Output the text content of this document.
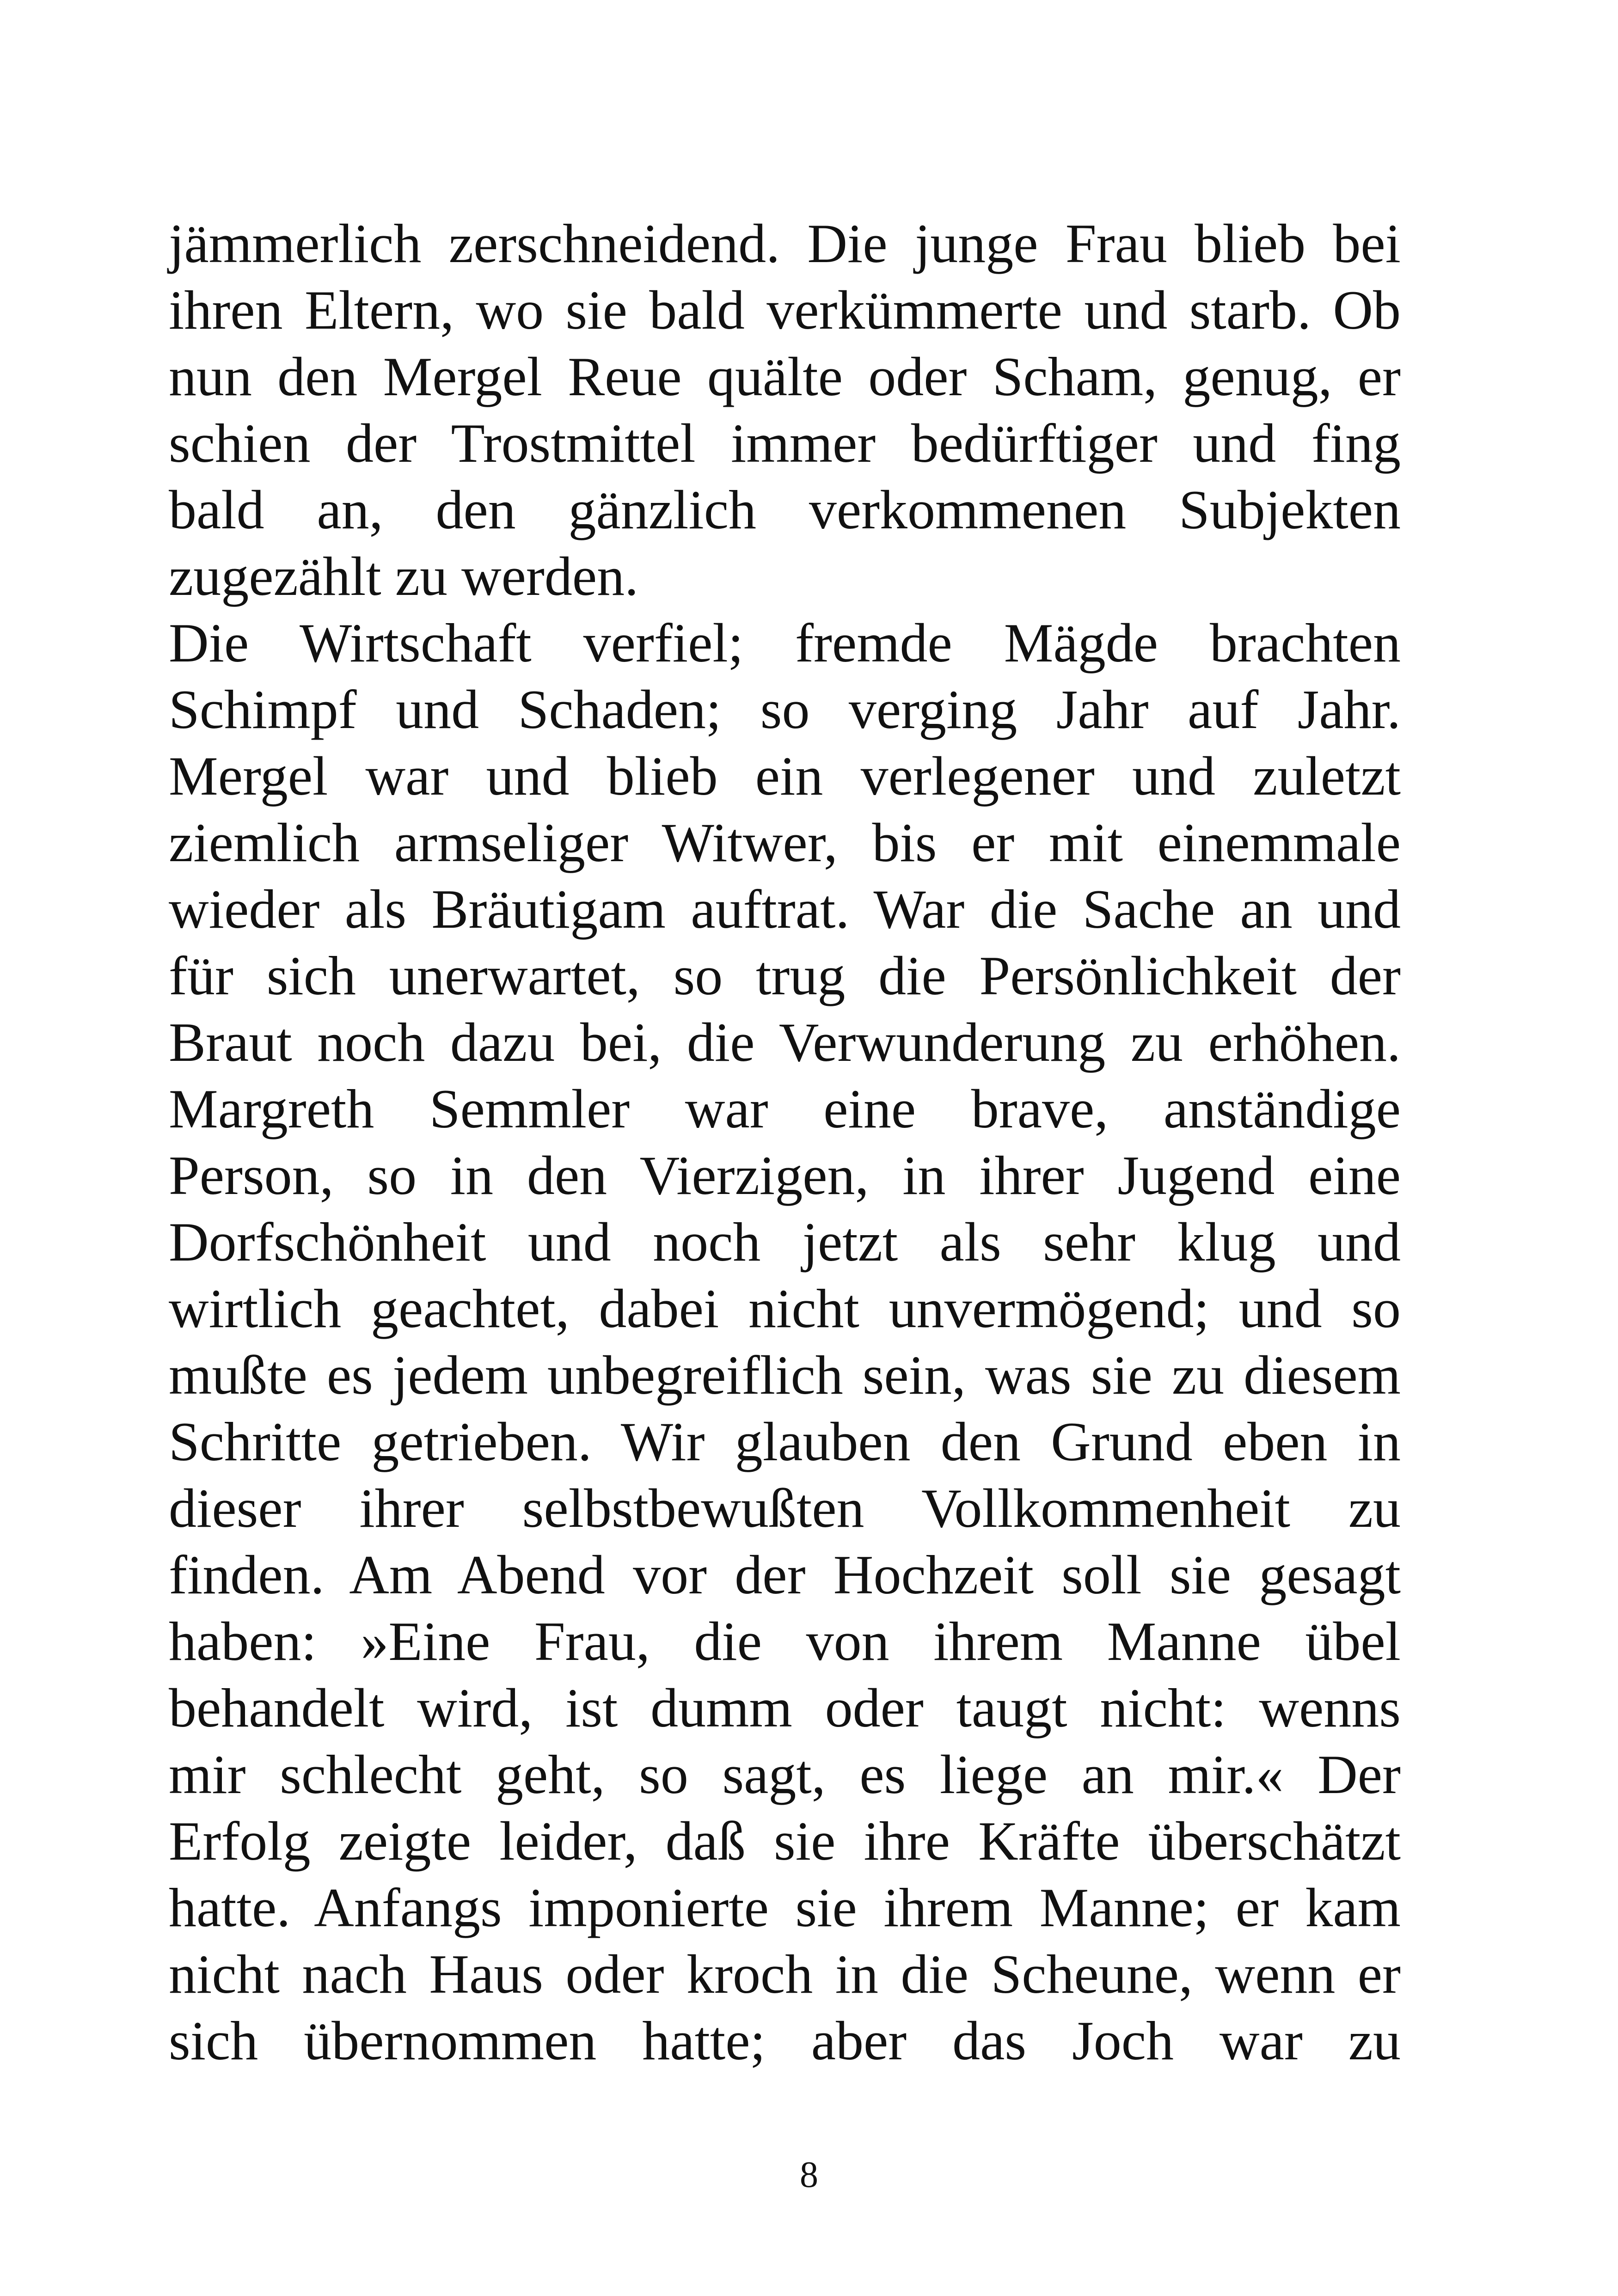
jämmerlich zerschneidend. Die junge Frau blieb bei
ihren Eltern, wo sie bald verkümmerte und starb. Ob
nun den Mergel Reue quälte oder Scham, genug, er
schien der Trostmittel immer bedürftiger und fing
bald an, den gänzlich verkommenen Subjekten
zugezählt zu werden.
Die Wirtschaft verfiel; fremde Mägde brachten
Schimpf und Schaden; so verging Jahr auf Jahr.
Mergel war und blieb ein verlegener und zuletzt
ziemlich armseliger Witwer, bis er mit einemmale
wieder als Bräutigam auftrat. War die Sache an und
für sich unerwartet, so trug die Persönlichkeit der
Braut noch dazu bei, die Verwunderung zu erhöhen.
Margreth Semmler war eine brave, anständige
Person, so in den Vierzigen, in ihrer Jugend eine
Dorfschönheit und noch jetzt als sehr klug und
wirtlich geachtet, dabei nicht unvermögend; und so
mußte es jedem unbegreiflich sein, was sie zu diesem
Schritte getrieben. Wir glauben den Grund eben in
dieser ihrer selbstbewußten Vollkommenheit zu
finden. Am Abend vor der Hochzeit soll sie gesagt
haben: »Eine Frau, die von ihrem Manne übel
behandelt wird, ist dumm oder taugt nicht: wenns
mir schlecht geht, so sagt, es liege an mir.« Der
Erfolg zeigte leider, daß sie ihre Kräfte überschätzt
hatte. Anfangs imponierte sie ihrem Manne; er kam
nicht nach Haus oder kroch in die Scheune, wenn er
sich übernommen hatte; aber das Joch war zu
8
